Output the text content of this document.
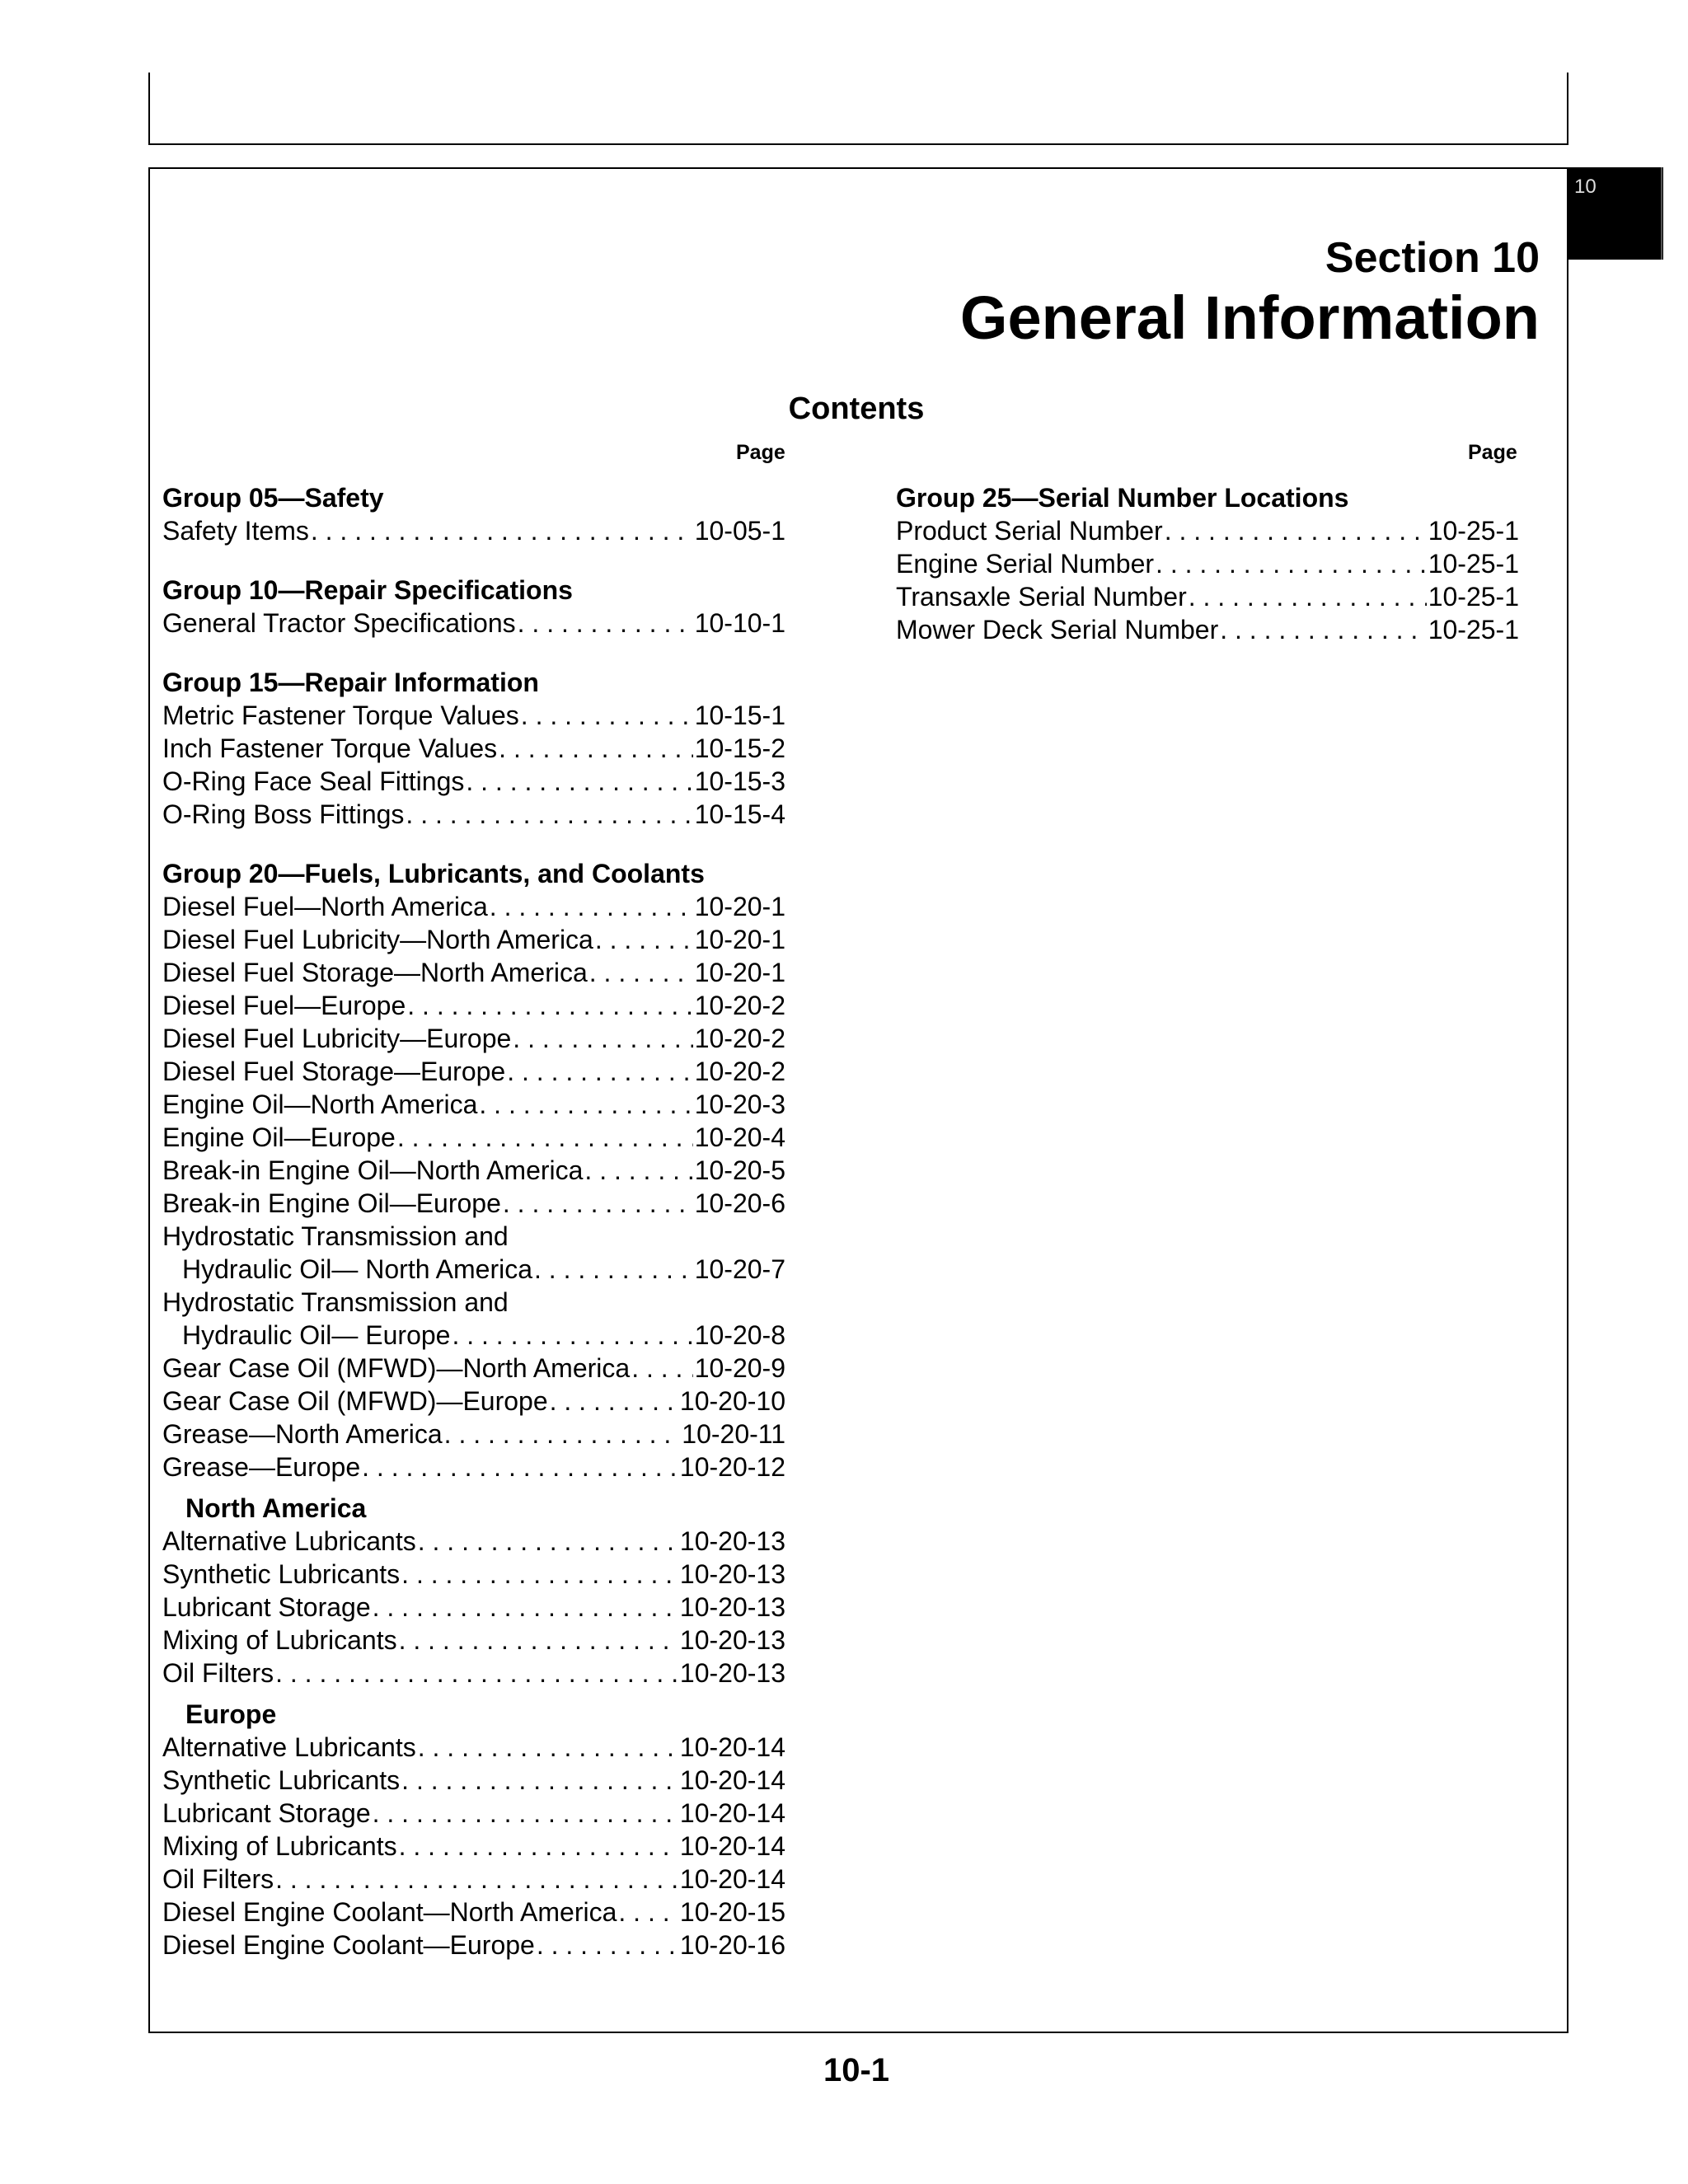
10
Section 10
General Information
Contents
Page	Page
Group 05—Safety
Safety Items . . .	10-05-1
Group 10—Repair Specifications
General Tractor Specifications . . .	10-10-1
Group 15—Repair Information
Metric Fastener Torque Values . . .	10-15-1
Inch Fastener Torque Values . . .	10-15-2
O-Ring Face Seal Fittings . . .	10-15-3
O-Ring Boss Fittings . . .	10-15-4
Group 20—Fuels, Lubricants, and Coolants
Diesel Fuel—North America . . .	10-20-1
Diesel Fuel Lubricity—North America . . .	10-20-1
Diesel Fuel Storage—North America . . .	10-20-1
Diesel Fuel—Europe . . .	10-20-2
Diesel Fuel Lubricity—Europe . . .	10-20-2
Diesel Fuel Storage—Europe . . .	10-20-2
Engine Oil—North America . . .	10-20-3
Engine Oil—Europe . . .	10-20-4
Break-in Engine Oil—North America . . .	10-20-5
Break-in Engine Oil—Europe . . .	10-20-6
Hydrostatic Transmission and
Hydraulic Oil— North America . . .	10-20-7
Hydrostatic Transmission and
Hydraulic Oil— Europe . . .	10-20-8
Gear Case Oil (MFWD)—North America . . . 10-20-9
Gear Case Oil (MFWD)—Europe . . .	10-20-10
Grease—North America . . .	10-20-11
Grease—Europe . . .	10-20-12
North America
Alternative Lubricants . . .	10-20-13
Synthetic Lubricants . . .	10-20-13
Lubricant Storage . . .	10-20-13
Mixing of Lubricants . . .	10-20-13
Oil Filters . . .	10-20-13
Europe
Alternative Lubricants . . .	10-20-14
Synthetic Lubricants . . .	10-20-14
Lubricant Storage . . .	10-20-14
Mixing of Lubricants . . .	10-20-14
Oil Filters . . .	10-20-14
Diesel Engine Coolant—North America . . . 10-20-15
Diesel Engine Coolant—Europe . . .	10-20-16
Group 25—Serial Number Locations
Product Serial Number . . .	10-25-1
Engine Serial Number . . .	10-25-1
Transaxle Serial Number . . .	10-25-1
Mower Deck Serial Number . . .	10-25-1
10-1
